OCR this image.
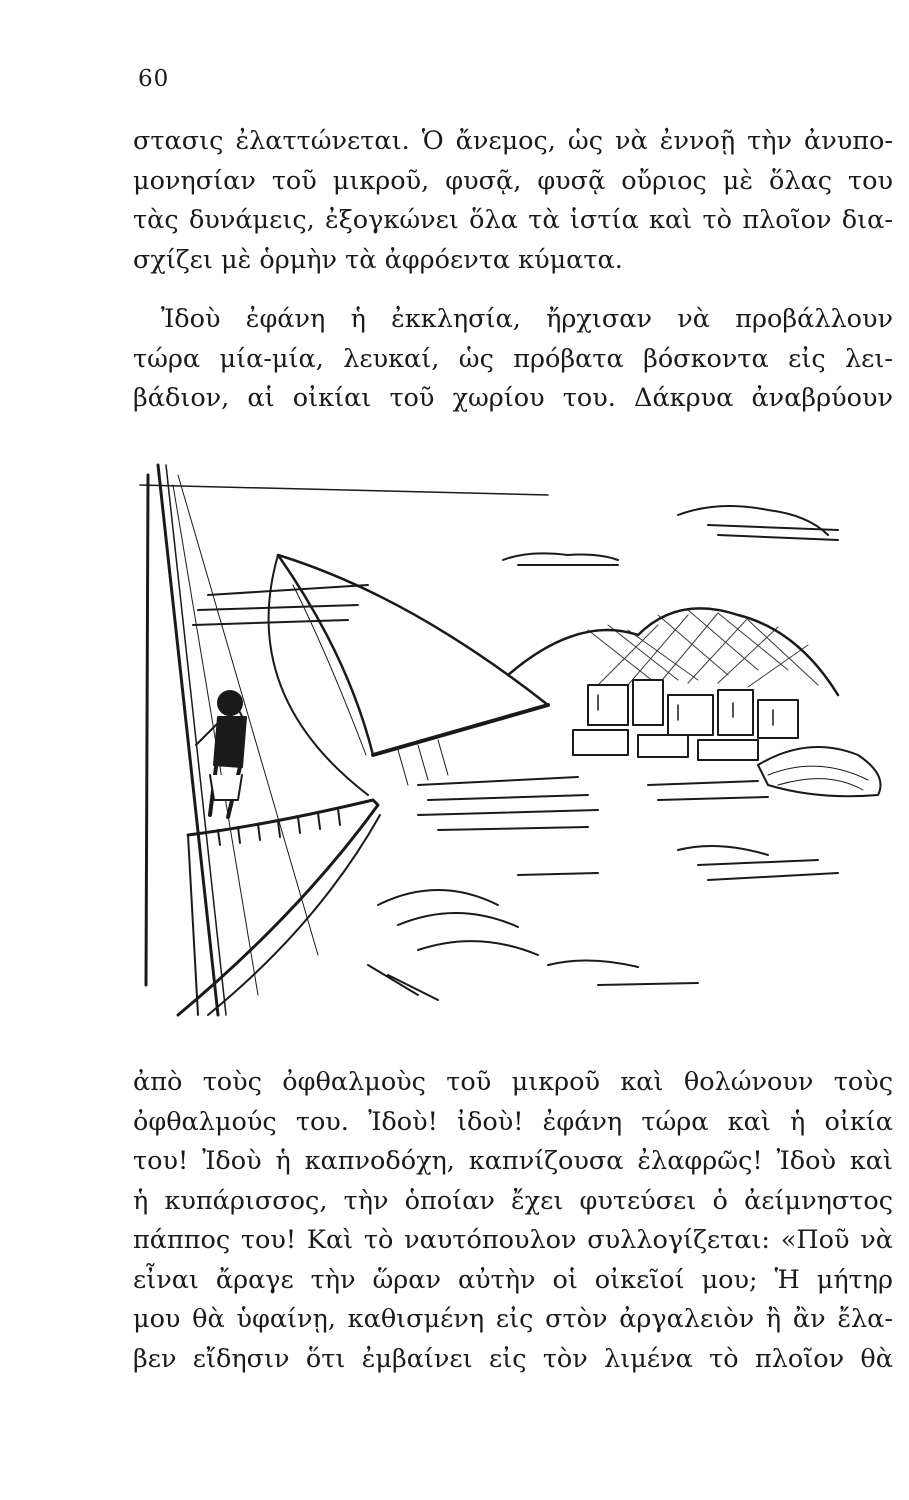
60
στασις ἐλαττώνεται. Ὁ ἄνεμος, ὡς νὰ ἐννοῇ τὴν ἀνυπο-
μονησίαν τοῦ μικροῦ, φυσᾷ, φυσᾷ οὔριος μὲ ὅλας του
τὰς δυνάμεις, ἐξογκώνει ὅλα τὰ ἱστία καὶ τὸ πλοῖον δια-
σχίζει μὲ ὁρμὴν τὰ ἀφρόεντα κύματα.
Ἰδοὺ ἐφάνη ἡ ἐκκλησία, ἤρχισαν νὰ προβάλλουν
τώρα μία-μία, λευκαί, ὡς πρόβατα βόσκοντα εἰς λει-
βάδιον, αἱ οἰκίαι τοῦ χωρίου του. Δάκρυα ἀναβρύουν
ἀπὸ τοὺς ὀφθαλμοὺς τοῦ μικροῦ καὶ θολώνουν τοὺς
ὀφθαλμούς του. Ἰδοὺ! ἰδοὺ! ἐφάνη τώρα καὶ ἡ οἰκία
του! Ἰδοὺ ἡ καπνοδόχη, καπνίζουσα ἐλαφρῶς! Ἰδοὺ καὶ
ἡ κυπάρισσος, τὴν ὁποίαν ἔχει φυτεύσει ὁ ἀείμνηστος
πάππος του! Καὶ τὸ ναυτόπουλον συλλογίζεται: «Ποῦ νὰ
εἶναι ἄραγε τὴν ὥραν αὐτὴν οἱ οἰκεῖοί μου; Ἡ μήτηρ
μου θὰ ὑφαίνῃ, καθισμένη εἰς στὸν ἀργαλειὸν ἢ ἂν ἔλα-
βεν εἴδησιν ὅτι ἐμβαίνει εἰς τὸν λιμένα τὸ πλοῖον θὰ
